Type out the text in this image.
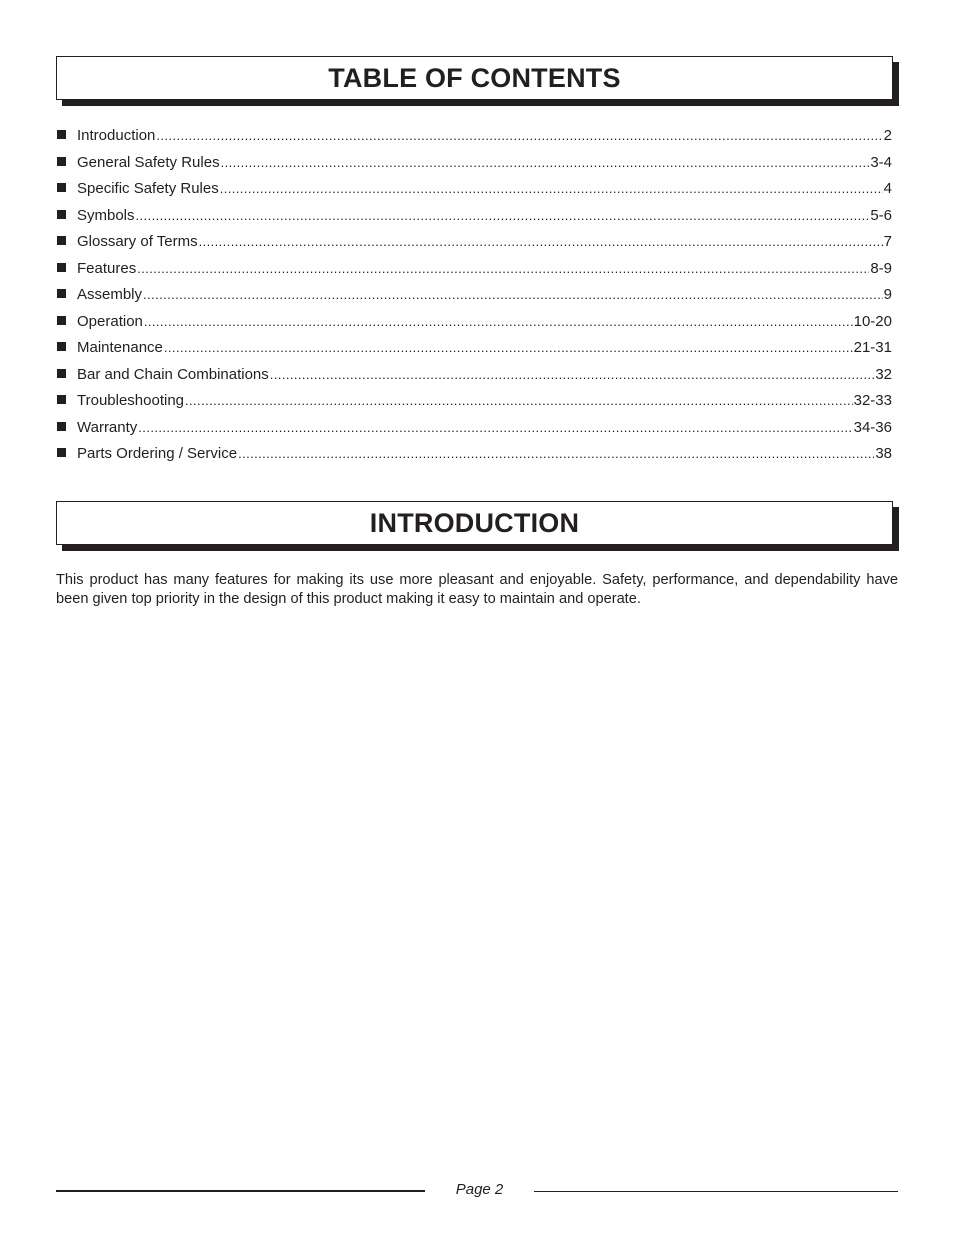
TABLE OF CONTENTS
Introduction .....	2
General Safety Rules .....	3-4
Specific Safety Rules .....	4
Symbols .....	5-6
Glossary of Terms .....	7
Features .....	8-9
Assembly .....	9
Operation .....	10-20
Maintenance .....	21-31
Bar and Chain Combinations .....	32
Troubleshooting .....	32-33
Warranty .....	34-36
Parts Ordering / Service .....	38
INTRODUCTION

This product has many features for making its use more pleasant and enjoyable. Safety, performance, and dependability have been given top priority in the design of this product making it easy to maintain and operate.

Page 2
